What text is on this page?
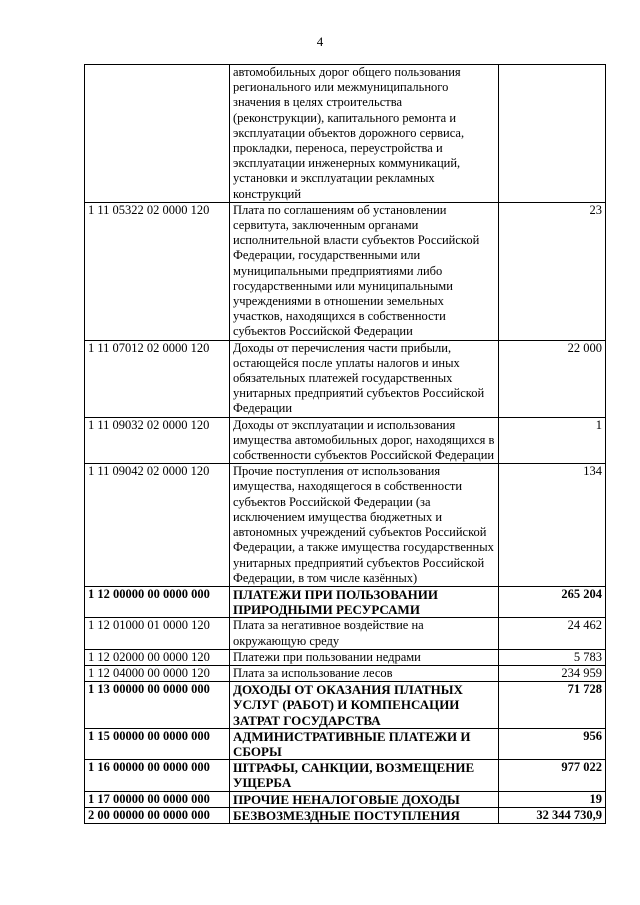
4
	автомобильных дорог общего пользования регионального или межмуниципального значения в целях строительства (реконструкции), капитального ремонта и эксплуатации объектов дорожного сервиса, прокладки, переноса, переустройства и эксплуатации инженерных коммуникаций, установки и эксплуатации рекламных конструкций	
1 11 05322 02 0000 120	Плата по соглашениям об установлении сервитута, заключенным органами исполнительной власти субъектов Российской Федерации, государственными или муниципальными предприятиями либо государственными или муниципальными учреждениями в отношении земельных участков, находящихся в собственности субъектов Российской Федерации	23
1 11 07012 02 0000 120	Доходы от перечисления части прибыли, остающейся после уплаты налогов и иных обязательных платежей государственных унитарных предприятий субъектов Российской Федерации	22 000
1 11 09032 02 0000 120	Доходы от эксплуатации и использования имущества автомобильных дорог, находящихся в собственности субъектов Российской Федерации	1
1 11 09042 02 0000 120	Прочие поступления от использования имущества, находящегося в собственности субъектов Российской Федерации (за исключением имущества бюджетных и автономных учреждений субъектов Российской Федерации, а также имущества государственных унитарных предприятий субъектов Российской Федерации, в том числе казённых)	134
1 12 00000 00 0000 000	ПЛАТЕЖИ ПРИ ПОЛЬЗОВАНИИ ПРИРОДНЫМИ РЕСУРСАМИ	265 204
1 12 01000 01 0000 120	Плата за негативное воздействие на окружающую среду	24 462
1 12 02000 00 0000 120	Платежи при пользовании недрами	5 783
1 12 04000 00 0000 120	Плата за использование лесов	234 959
1 13 00000 00 0000 000	ДОХОДЫ ОТ ОКАЗАНИЯ ПЛАТНЫХ УСЛУГ (РАБОТ) И КОМПЕНСАЦИИ ЗАТРАТ ГОСУДАРСТВА	71 728
1 15 00000 00 0000 000	АДМИНИСТРАТИВНЫЕ ПЛАТЕЖИ И СБОРЫ	956
1 16 00000 00 0000 000	ШТРАФЫ, САНКЦИИ, ВОЗМЕЩЕНИЕ УЩЕРБА	977 022
1 17 00000 00 0000 000	ПРОЧИЕ НЕНАЛОГОВЫЕ ДОХОДЫ	19
2 00 00000 00 0000 000	БЕЗВОЗМЕЗДНЫЕ ПОСТУПЛЕНИЯ	32 344 730,9
